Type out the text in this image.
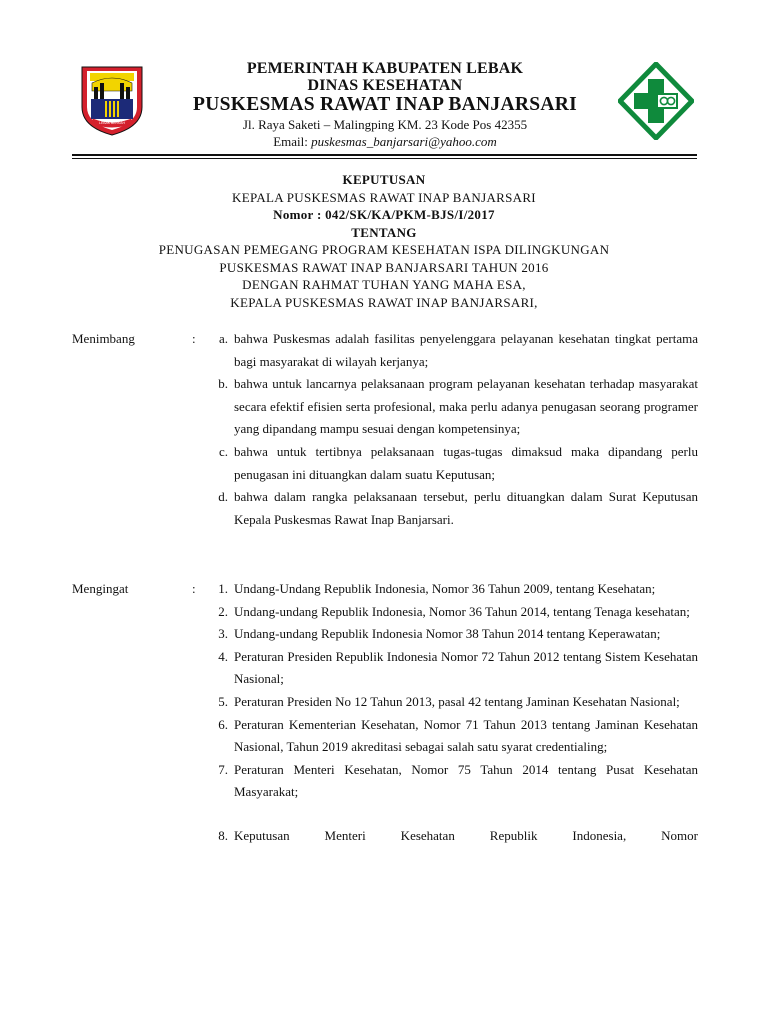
LEBAK BERKAH
PEMERINTAH KABUPATEN LEBAK
DINAS KESEHATAN
PUSKESMAS RAWAT INAP BANJARSARI
Jl. Raya Saketi – Malingping KM. 23 Kode Pos 42355
Email: puskesmas_banjarsari@yahoo.com
KEPUTUSAN
KEPALA PUSKESMAS RAWAT INAP BANJARSARI
Nomor : 042/SK/KA/PKM-BJS/I/2017
TENTANG
PENUGASAN PEMEGANG PROGRAM KESEHATAN ISPA DILINGKUNGAN
PUSKESMAS RAWAT INAP BANJARSARI TAHUN 2016
DENGAN RAHMAT TUHAN YANG MAHA ESA,
KEPALA PUSKESMAS RAWAT INAP BANJARSARI,
Menimbang	:	a. bahwa Puskesmas adalah fasilitas penyelenggara pelayanan kesehatan tingkat pertama bagi masyarakat di wilayah kerjanya;
b. bahwa untuk lancarnya pelaksanaan program pelayanan kesehatan terhadap masyarakat secara efektif efisien serta profesional, maka perlu adanya penugasan seorang programer yang dipandang mampu sesuai dengan kompetensinya;
c. bahwa untuk tertibnya pelaksanaan tugas-tugas dimaksud maka dipandang perlu penugasan ini dituangkan dalam suatu Keputusan;
d. bahwa dalam rangka pelaksanaan tersebut, perlu dituangkan dalam Surat Keputusan Kepala Puskesmas Rawat Inap Banjarsari.
Mengingat	:	1. Undang-Undang Republik Indonesia, Nomor 36 Tahun 2009, tentang Kesehatan;
2. Undang-undang Republik Indonesia, Nomor 36 Tahun 2014, tentang Tenaga kesehatan;
3. Undang-undang Republik Indonesia Nomor 38 Tahun 2014 tentang Keperawatan;
4. Peraturan Presiden Republik Indonesia Nomor 72 Tahun 2012 tentang Sistem Kesehatan Nasional;
5. Peraturan Presiden No 12 Tahun 2013, pasal 42 tentang Jaminan Kesehatan Nasional;
6. Peraturan Kementerian Kesehatan, Nomor 71 Tahun 2013 tentang Jaminan Kesehatan Nasional, Tahun 2019 akreditasi sebagai salah satu syarat credentialing;
7. Peraturan Menteri Kesehatan, Nomor 75 Tahun 2014 tentang Pusat Kesehatan Masyarakat;
8. Keputusan Menteri Kesehatan Republik Indonesia, Nomor
